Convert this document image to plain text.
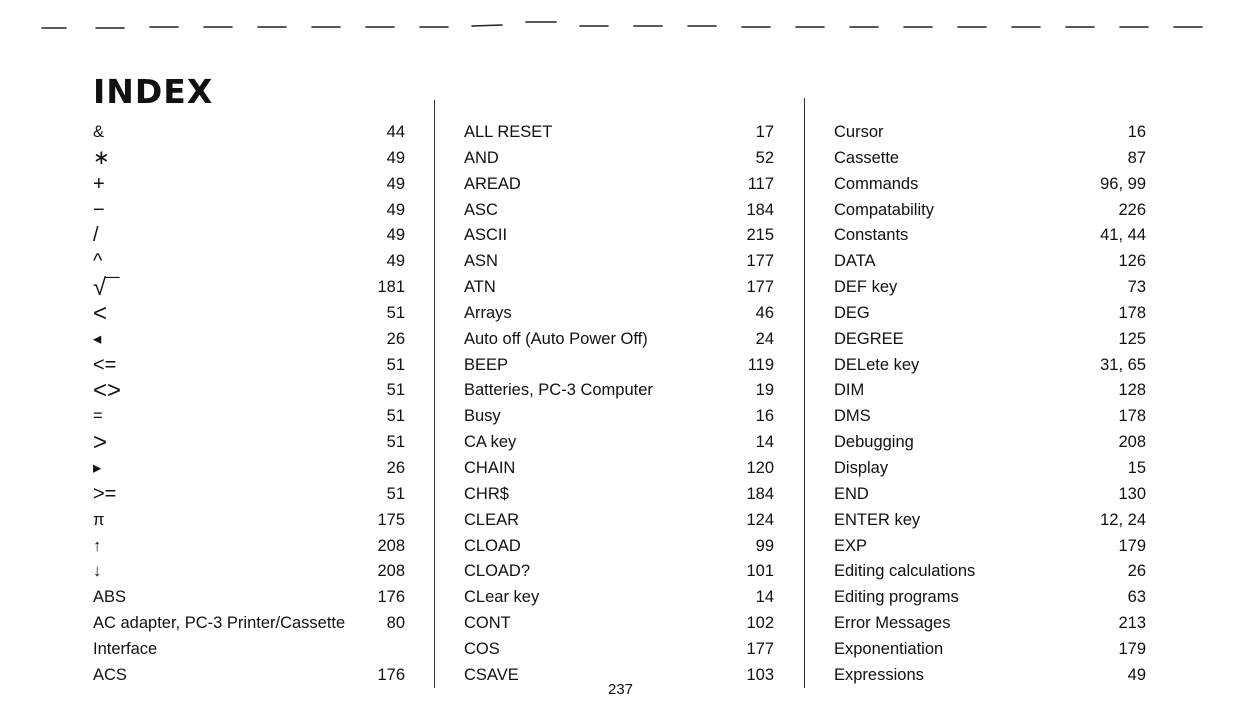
INDEX
&	44
∗	49
+	49
−	49
/	49
^	49
√¯	181
<	51
◂	26
<=	51
<>	51
=	51
>	51
▸	26
>=	51
π	175
↑	208
↓	208
ABS	176
AC adapter, PC-3 Printer/Cassette	80
Interface
ACS	176
ALL RESET	17
AND	52
AREAD	117
ASC	184
ASCII	215
ASN	177
ATN	177
Arrays	46
Auto off (Auto Power Off)	24
BEEP	119
Batteries, PC-3 Computer	19
Busy	16
CA key	14
CHAIN	120
CHR$	184
CLEAR	124
CLOAD	99
CLOAD?	101
CLear key	14
CONT	102
COS	177
CSAVE	103
Cursor	16
Cassette	87
Commands	96, 99
Compatability	226
Constants	41, 44
DATA	126
DEF key	73
DEG	178
DEGREE	125
DELete key	31, 65
DIM	128
DMS	178
Debugging	208
Display	15
END	130
ENTER key	12, 24
EXP	179
Editing calculations	26
Editing programs	63
Error Messages	213
Exponentiation	179
Expressions	49
237
